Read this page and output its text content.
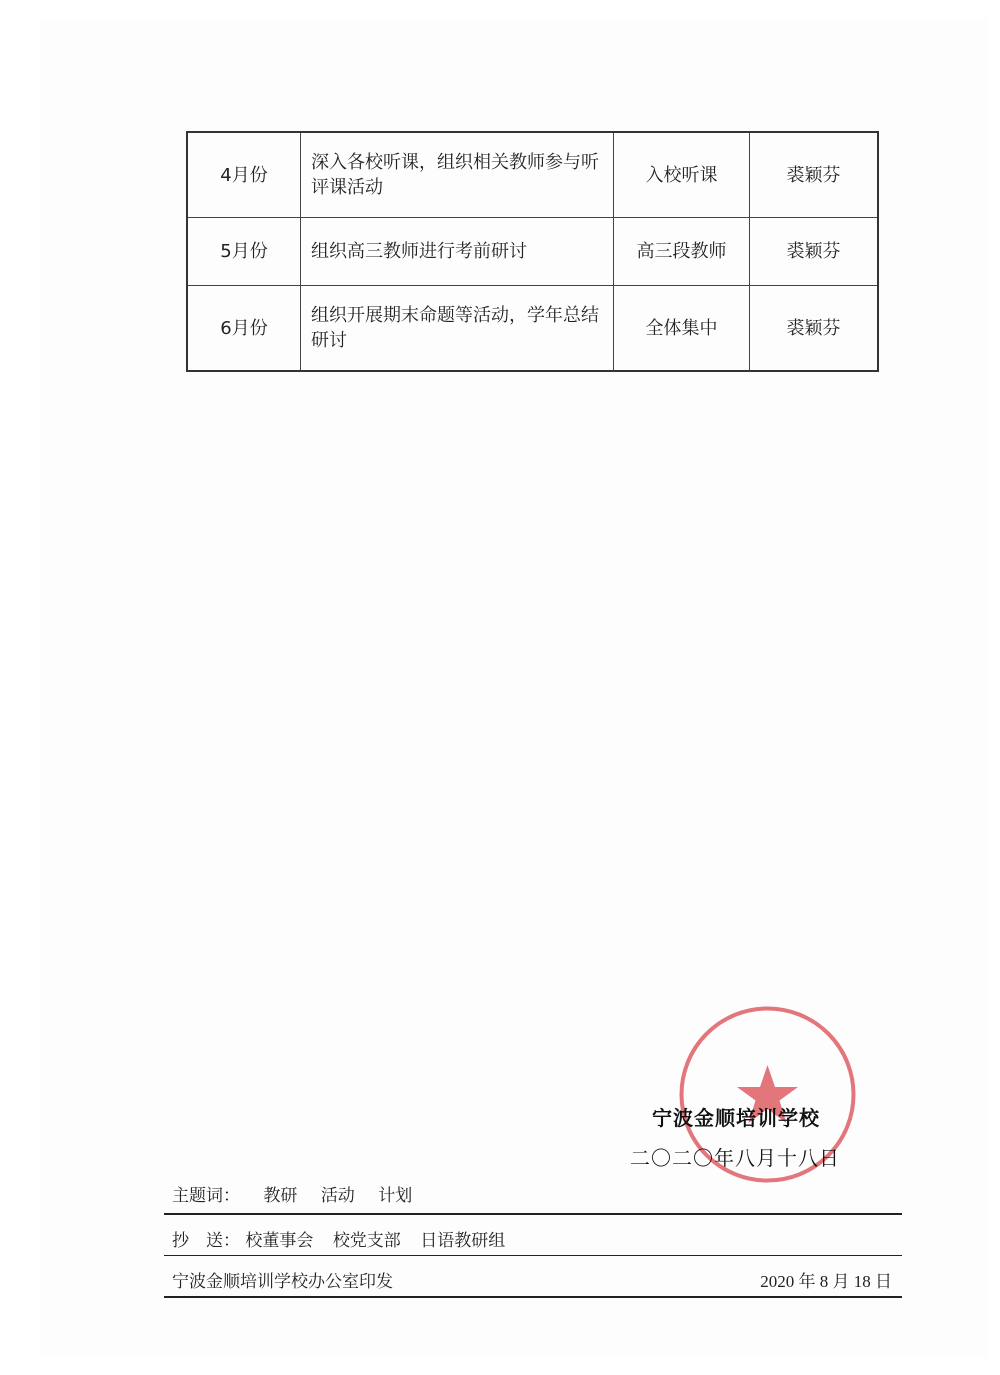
4月份	深入各校听课，组织相关教师参与听评课活动	入校听课	裘颖芬
5月份	组织高三教师进行考前研讨	高三段教师	裘颖芬
6月份	组织开展期末命题等活动，学年总结研讨	全体集中	裘颖芬
宁波金顺培训学校
二〇二〇年八月十八日
主题词： 教研 活动 计划
抄　送： 校董事会 校党支部 日语教研组
宁波金顺培训学校办公室印发	2020 年 8 月 18 日
